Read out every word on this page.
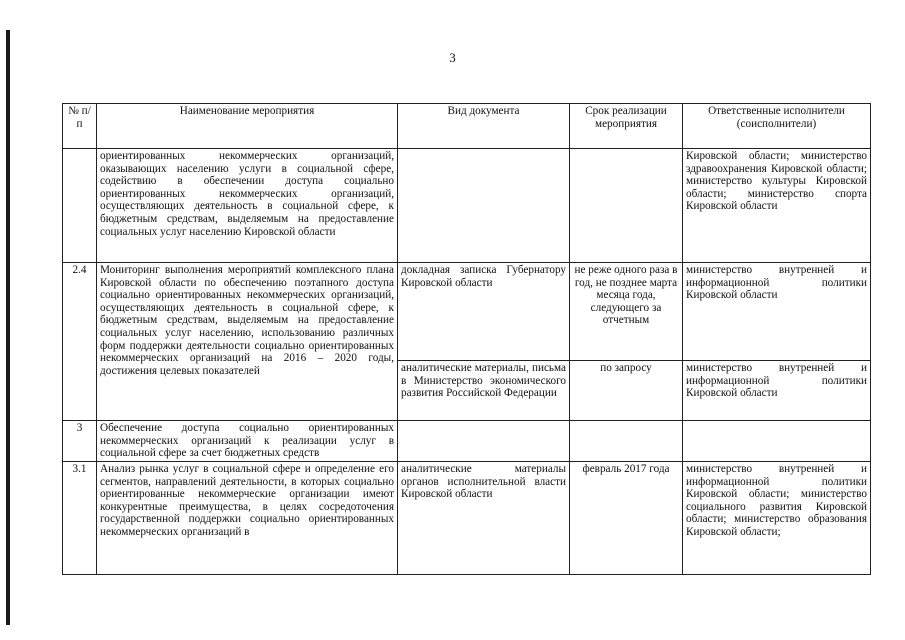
3
№ п/п	Наименование мероприятия	Вид документа	Срок реализации мероприятия	Ответственные исполнители (соисполнители)
	ориентированных некоммерческих организаций, оказывающих населению услуги в социальной сфере, содействию в обеспечении доступа социально ориентированных некоммерческих организаций, осуществляющих деятельность в социальной сфере, к бюджетным средствам, выделяемым на предоставление социальных услуг населению Кировской области			Кировской области; министерство здравоохранения Кировской области; министерство культуры Кировской области; министерство спорта Кировской области
2.4	Мониторинг выполнения мероприятий комплексного плана Кировской области по обеспечению поэтапного доступа социально ориентированных некоммерческих организаций, осуществляющих деятельность в социальной сфере, к бюджетным средствам, выделяемым на предоставление социальных услуг населению, использованию различных форм поддержки деятельности социально ориентированных некоммерческих организаций на 2016 – 2020 годы, достижения целевых показателей	докладная записка Губернатору Кировской области	не реже одного раза в год, не позднее марта месяца года, следующего за отчетным	министерство внутренней и информационной политики Кировской области
		аналитические материалы, письма в Министерство экономического развития Российской Федерации	по запросу	министерство внутренней и информационной политики Кировской области
3	Обеспечение доступа социально ориентированных некоммерческих организаций к реализации услуг в социальной сфере за счет бюджетных средств			
3.1	Анализ рынка услуг в социальной сфере и определение его сегментов, направлений деятельности, в которых социально ориентированные некоммерческие организации имеют конкурентные преимущества, в целях сосредоточения государственной поддержки социально ориентированных некоммерческих организаций в	аналитические материалы органов исполнительной власти Кировской области	февраль 2017 года	министерство внутренней и информационной политики Кировской области; министерство социального развития Кировской области; министерство образования Кировской области;
